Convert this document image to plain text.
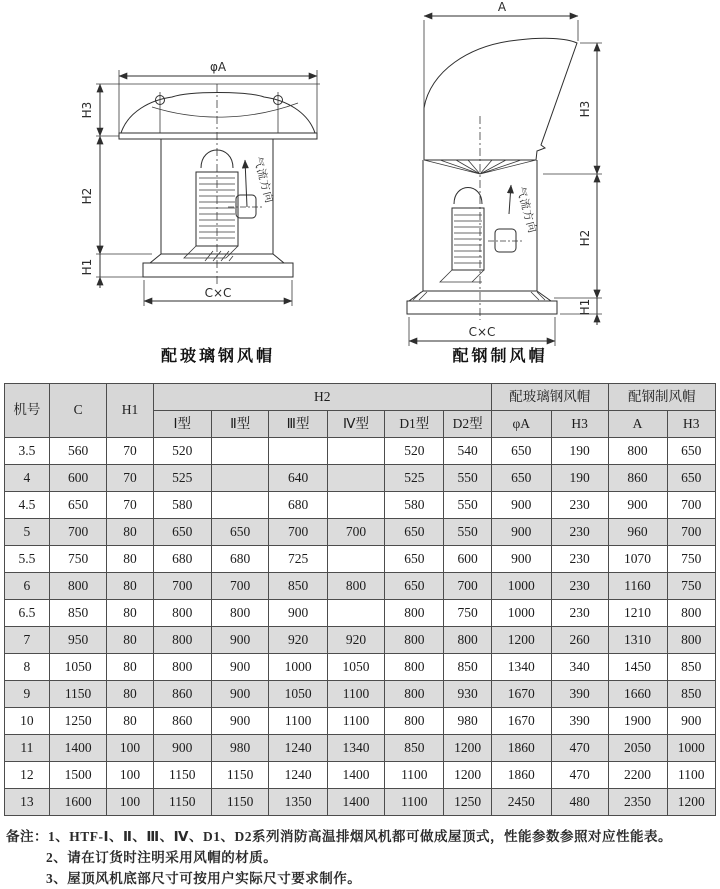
φA
H3
H2
H1
气流方向
C×C
配玻璃钢风帽
A
H3
H2
H1
气流方向
C×C
配钢制风帽
机号	C	H1	H2						配玻璃钢风帽		配钢制风帽	
			Ⅰ型	Ⅱ型	Ⅲ型	Ⅳ型	D1型	D2型	φA	H3	A	H3
3.5	560	70	520				520	540	650	190	800	650
4	600	70	525		640		525	550	650	190	860	650
4.5	650	70	580		680		580	550	900	230	900	700
5	700	80	650	650	700	700	650	550	900	230	960	700
5.5	750	80	680	680	725		650	600	900	230	1070	750
6	800	80	700	700	850	800	650	700	1000	230	1160	750
6.5	850	80	800	800	900		800	750	1000	230	1210	800
7	950	80	800	900	920	920	800	800	1200	260	1310	800
8	1050	80	800	900	1000	1050	800	850	1340	340	1450	850
9	1150	80	860	900	1050	1100	800	930	1670	390	1660	850
10	1250	80	860	900	1100	1100	800	980	1670	390	1900	900
11	1400	100	900	980	1240	1340	850	1200	1860	470	2050	1000
12	1500	100	1150	1150	1240	1400	1100	1200	1860	470	2200	1100
13	1600	100	1150	1150	1350	1400	1100	1250	2450	480	2350	1200
备注：1、HTF-Ⅰ、Ⅱ、Ⅲ、Ⅳ、D1、D2系列消防高温排烟风机都可做成屋顶式，性能参数参照对应性能表。
2、请在订货时注明采用风帽的材质。
3、屋顶风机底部尺寸可按用户实际尺寸要求制作。
